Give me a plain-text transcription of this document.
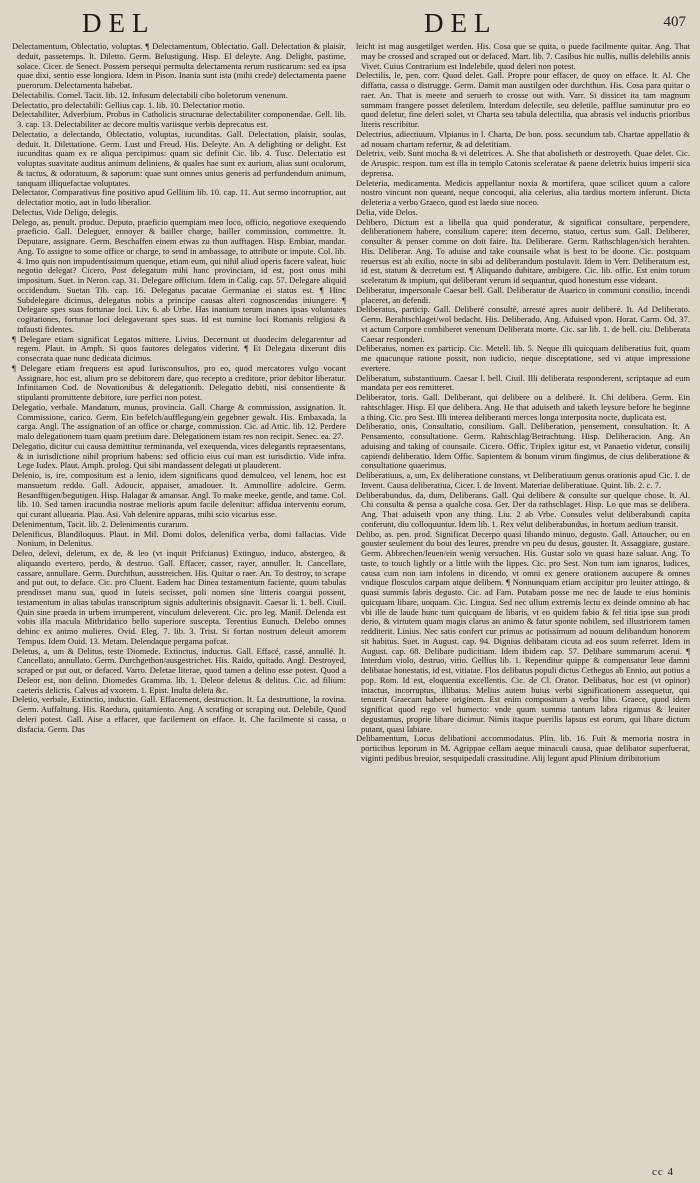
DEL	DEL	407

Delectamentum, Oblectatio, voluptas. ¶ Delectamentum, Oblectatio. Gall. Delectation & plaisir, deduit, passetemps. It. Diletto. Germ. Belustigung. Hisp. El deleyte. Ang. Delight, pastime, solace. Cicer. de Senect. Possem persequi permulta delectamenta rerum rusticarum: sed ea ipsa quae dixi, sentio esse longiora. Idem in Pison. Inania sunt ista (mihi crede) delectamenta paene puerorum. Delectamenta habebat.

Delectabilis. Cornel. Tacit. lib. 12. Infusum delectabili cibo boletorum venenum.

Delectatio, pro delectabili: Gellius cap. 1. lib. 10. Delectatior motio.

Delectabiliter, Adverbium. Probus in Catholicis structurae delectabiliter componendae. Gell. lib. 3. cap. 13. Delectabiliter ac decore multis variisque verbis deprecatus est.

Delectatio, a delectando, Oblectatio, voluptas, iucunditas. Gall. Delectation, plaisir, soulas, deduit. It. Dilettatione. Germ. Lust und Freud. His. Deleyte. An. A delighting or delight. Est iucunditas quam ex re aliqua percipimus: quam sic definit Cic. lib. 4. Tusc. Delectatio est voluptas suavitate auditus animum deliniens, & quales hae sunt ex aurium, alias sunt oculorum, & tactus, & odoratuum, & saporum: quae sunt omnes unius generis ad perfundendum animum, tanquam illiquefactae voluptates.

Delectator, Comparativus fine positivo apud Gellium lib. 10. cap. 11. Aut sermo incorruptior, aut delectatior motio, aut in ludo liberalior.

Delectus, Vide Deligo, delegis.

Delego, as, penult. produc. Deputo, praeficio quempiam meo loco, officio, negotiove exequendo praeficio. Gall. Deleguer, ennoyer & bailler charge, bailler commission, commettre. It. Deputare, assignare. Germ. Beschaffen einem etwas zu thun aufftagen. Hisp. Embiar, mandar. Ang. To assigne to some office or charge, to send in ambassage, to attribute or impute. Col. lib. 4. Imo quis non impudentissimum quenque, etiam eum, qui nihil aliud operis facere valeat, huic negotio delegat? Cicero, Post delegatum mihi hanc provinciam, id est, post onus mihi impositum. Suet. in Neron. cap. 31. Delegare officium. Idem in Calig. cap. 57. Delegare aliquid occidendum. Suetan Tib. cap. 16. Delegatus pacatae Germaniae ei status est. ¶ Hinc Subdelegare dicimus, delegatus nobis a principe causas alteri cognoscendas iniungere. ¶ Delegare spes suas fortunae loci. Liv. 6. ab Urbe. Has inanium terum inanes ipsas voluntates cogitationes, fortunae loci delegaverant spes suas. Id est numine loci Romanis religiosi & infausti fidentes.

¶ Delegare etiam significat Legatos mittere. Livius. Decernunt ut duodecim delegarentur ad regem. Plaut. in Amph. Si quos fautores delegatos viderint. ¶ Et Delegata dixerunt diis consecrata quae nunc dedicata dicimus.

¶ Delegare etiam frequens est apud Iurisconsultos, pro eo, quod mercatores vulgo vocant Assignare, hoc est, alium pro se debitorem dare, quo recepto a creditore, prior debitor liberatur. Infinitamen Cod. de Novationibus & delegationib. Delegatio debiti, nisi consentiente & stipulanti promittente debitore, iure perfici non potest.

Delegatio, verbale. Mandatum, munus, provincia. Gall. Charge & commission, assignation. It. Commissione, carico. Germ. Ein befelch/aufflegung/ein gegebner gewalt. His. Embaxada, la carga. Angl. The assignation of an office or charge, commission. Cic. ad Attic. lib. 12. Perdere malo delegationem tuam quam pretium dare. Delegationem istam res non recipit. Senec. ea. 27.

Delegatio, dicitur cui causa demittitur terminanda, vel exequenda, vices delegantis repraesentans, & in iurisdictione nihil proprium habens: sed officio eius cui man est iurisdictio. Vide infra. Lege Iudex. Plaut. Amph. prolog. Qui sibi mandassent delegati ut plauderent.

Delenio, is, ire, compositum est a lenio, idem significans quod demulceo, vel lenem, hoc est mansuetum reddo. Gall. Adoucir, appaiser, amadouer. It. Ammollire adolcire. Germ. Besanfftigen/begutigen. Hisp. Halagar & amansar. Angl. To make meeke, gentle, and tame. Col. lib. 10. Sed tamen iracundia nostrae melioris apum facile delenitur: affidua interventu eorum, qui curant alluearia. Plau. Asi. Vah delenire apparas, mihi scio vicarius esse.

Delenimentum, Tacit. lib. 2. Delenimentis curarum.

Delenificus, Blandiloquus. Plaut. in Mil. Domi dolos, delenifica verba, domi fallacias. Vide Nonium, in Delenitus.

Deleo, delevi, deletum, ex de, & leo (vt inquit Prifcianus) Extinguo, induco, abstergeo, & aliquando evertero, perdo, & destruo. Gall. Effacer, casser, rayer, annuller. It. Cancellare, cassare, annullare. Germ. Durchthun, ausstreichen. His. Quitar o raer. An. To destroy, to scrape and put out, to deface. Cic. pro Cluent. Eadem hac Dinea testamentum faciente, quum tabulas prendisset manu sua, quod in luteis secisset, poli nomen sine litteris coargui possent, testamentum in alias tabulas transcriptum signis adulterinis obsignavit. Caesar li. 1. bell. Ciuil. Quin sine praeda in urbem irrumperent, vinculum deleverent. Cic. pro leg. Manil. Delenda est vobis illa macula Mithridatico bello superiore suscepta. Terentius Eunuch. Delebo omnes dehinc ex animo mulieres. Ovid. Eleg. 7. lib. 3. Trist. Si fortan nostrum deleuit amorem Tempus. Idem Ouid. 13. Metam. Delendaque pergama pofcat.

Deletus, a, um & Delitus, teste Diomede. Extinctus, inductus. Gall. Effacé, cassé, annullé. It. Cancellato, annullato. Germ. Durchgethon/ausgestrichet. His. Raido, quitado. Angl. Destroyed, scraped or put out, or defaced. Varro. Deletae literae, quod tamen a delino esse potest. Quod a Deleor est, non delino. Diomedes Gramma. lib. 1. Deleor deletus & delitus. Cic. ad filium: caeteris delictis. Calvus ad vxorem. 1. Epist. Inulta deleta &c.

Deletio, verbale, Extinctio, inductio. Gall. Effacement, destruction. It. La destruttione, la rovina. Germ. Auffaltung. His. Raedura, quitamiento. Ang. A scrafing or scraping out. Delebile, Quod deleri potest. Gall. Aise a effacer, que facilement on efface. It. Che facilmente si cassa, o disfacia. Germ. Das

leicht ist mag ausgetilget werden. His. Cosa que se quita, o puede facilmente quitar. Ang. That may be crossed and scraped out or defaced. Mart. lib. 7. Casibus hic nullis, nullis delebilis annis Vivet. Cuius Contrarium est Indelebile, quod deleri non potest.

Delectilis, le, pen. corr. Quod delet. Gall. Propre pour effacer, de quoy on efface. It. Al. Che diffatta, cassa o distrugge. Germ. Damit man austilgen oder durchthun. His. Cosa para quitar o raer. An. That is meete and seruerh to crosse out with. Varr. Si dissicet ita tam magnum summam frangere posset deletilem. Interdum delectile, seu deletile, pafflue suminutur pro eo quod deletur, fine deleri solet, vt Charta seu tabula delectilia, qua abrasis vel inductis prioribus literis rescribitur.

Delectrius, adiectiuum. Vlpianus in l. Charta, De bon. poss. secundum tab. Chartae appellatio & ad nouam chartam refertur, & ad deletitiam.

Deletrix, veib. Sunt mocha & vi deletrices. A. She that abolisheth or destroyeth. Quae delet. Cic. de Aruspic. respon. tum est illa in templo Catonis sceleratae & paene deletrix huius imperii sica deprensa.

Deleteria, medicamenta. Medicis appellantur noxia & mortifera, quae scilicet quum a calore nostro vincunt non queant, neque concoqui, alia celerius, alia tardius mortem inferunt. Dicta deleteria a verbo Graeco, quod est laedo siue noceo.

Delia, vide Delos.

Delibero, Dictum est a libella qua quid ponderatur, & significat consultare, perpendere, deliberationem habere, consilium capere: item decerno, statuo, certus sum. Gall. Deliberer, consulter & penser comme on doit faire. Ita. Deliberare. Germ. Rathschlagen/sich berahten. His. Deliberar. Ang. To aduise and take counsaile what is best to be doone. Cic. postquam reuersus est ab exilio, nocte in sibi ad deliberandum postulavit. Idem in Verr. Deliberatum est, id est, statum & decretum est. ¶ Aliquando dubitare, ambigere. Cic. lib. offic. Est enim totum sceleratum & impium, qui deliberant verum id sequantur, quod honestum esse videant.

Deliberatur, impersonale Caesar bell. Gall. Deliberatur de Auarico in communi consilio, incendi placeret, an defendi.

Deliberatus, particip. Gall. Deliberé consulté, arresté apres auoir deliberé. It. Ad Deliberato. Germ. Berahtschlaget/wol bedacht. His. Deliberado. Ang. Aduised vpon. Horat. Carm. Od. 37. vt actum Corpore combiberet venenum Deliberata morte. Cic. sar lib. 1. de bell. ciu. Deliberata Caesar responderi.

Deliberatus, nomen ex particip. Cic. Metell. lib. 5. Neque illi quicquam deliberatius fuit, quam me quacunque ratione possit, non iudicio, neque disceptatione, sed vi atque impressione evertere.

Deliberatum, substantiuum. Caesar l. bell. Ciuil. Illi deliberata responderent, scriptaque ad eum mandata per eos remitteret.

Deliberator, toris. Gall. Deliberant, qui delibere ou a deliberé. It. Chi delibera. Germ. Ein rahtschlager. Hisp. El que delibera. Ang. He that aduiseth and taketh leysure before he beginne a thing. Cic. pro Sest. Illi interea deliberanti merces longa interposita nocte, duplicata est.

Deliberatio, onis, Consultatio, consilium. Gall. Deliberation, pensement, consultation. It. A Pensamento, consultatione. Germ. Rahtschlag/Betrachtung. Hisp. Deliberacion. Ang. An aduising and taking of counsaile. Cicero. Offic. Triplex igitur est, vt Panaetio videtur, consilij capiendi deliberatio. Idem Offic. Sapientem & bonum virum fingimus, de cius deliberatione & consultatione quaerimus.

Deliberatiuus, a, um, Ex deliberatione constans, vt Deliberatiuum genus orationis apud Cic. l. de Invent. Causa deliberatiua, Cicer. l. de Invent. Materiae deliberatiuae. Quint. lib. 2. c. 7.

Deliberabundus, da, dum, Deliberans. Gall. Qui delibere & consulte sur quelque chose. It. Al. Chi consulta & pensa a qualche cosa. Ger. Der da rathschlaget. Hisp. Lo que mas se delibera. Ang. That aduiseth vpon any thing. Liu. 2 ab Vrbe. Consules velut deliberabundi capita conferunt, diu colloquuntur. Idem lib. 1. Rex velut deliberabundus, in hortum aedium transit.

Delibo, as. pen. prod. Significat Decerpo quasi libando minuo, degusto. Gall. Attoucher, ou en gouster seulement du bout des leures, prendre vn peu du desus, gouster. It. Assaggiare, gustare. Germ. Abbrechen/leuen/ein wenig versuchen. His. Gustar solo vn quasi haze saluar. Ang. To taste, to touch lightly or a little with the lippes. Cic. pro Sest. Non tum iam ignaros, Iudices, causa cum non iam infolens in dicendo, vt omni ex genere orationem aucupere & omnes vndique flosculos carpam atque delibem. ¶ Nonnunquam etiam accipitur pro leuiter attingo, & quasi summis labris degusto. Cic. ad Fam. Putabam posse me nec de laude te eius hominis quicquam libare, uoquam. Cic. Lingua. Sed nec ullum extremis lectu ex deinde omnino ab hac vbi ille de laude hunc tum quicquam de libaris, vt eo quidem fabio & fel titia ipse sua prodi derio, & virtutem quam magis clarus an animo & fatur sponte nobilem, sed illustriorem tamen redditerit. Linius. Nec satis confert cur primus ac potissimum ad nouum delibandum honorem sit habitus. Suet. in August. cap. 94. Dignius delibatam cicuta ad eos suum referret. Idem in August. cap. 68. Delibare pudicitiam. Idem ibidem cap. 57. Delibare summarum acerui. ¶ Interdum violo, destruo, vitio. Gellius lib. 1. Rependitur quippe & compensatur leue damni delibatae honestatis, id est, vitiatae. Flos delibatus populi dictus Cethegus ab Ennio, aut potius a pop. Rom. Id est, eloquentia excellentis. Cic. de Cl. Orator. Delibatus, hoc est (vt opinor) intactus, incorruptus, illibatus. Melius autem huius verbi significationem assequetur, qui tenuerit Graecam habere originem. Est enim compositum a verbo libo. Graece, quod idem significat quod rego vel humecto: vnde quum summa tantum labra rigamus & leuiter degustamus, proprie libare dicimur. Nimis itaque puerilis lapsus est eorum, qui libare dictum putant, quasi labiare.

Delibamentum, Locus delibationi accommodatus. Plin. lib. 16. Fuit & memoria nostra in porticibus leporum in M. Agrippae cellam aeque minaculi causa, quae delibator superfuerat, viginti pedibus breuior, sesquipedali crassitudine. Alij legunt apud Plinium diribitorium

cc 4
